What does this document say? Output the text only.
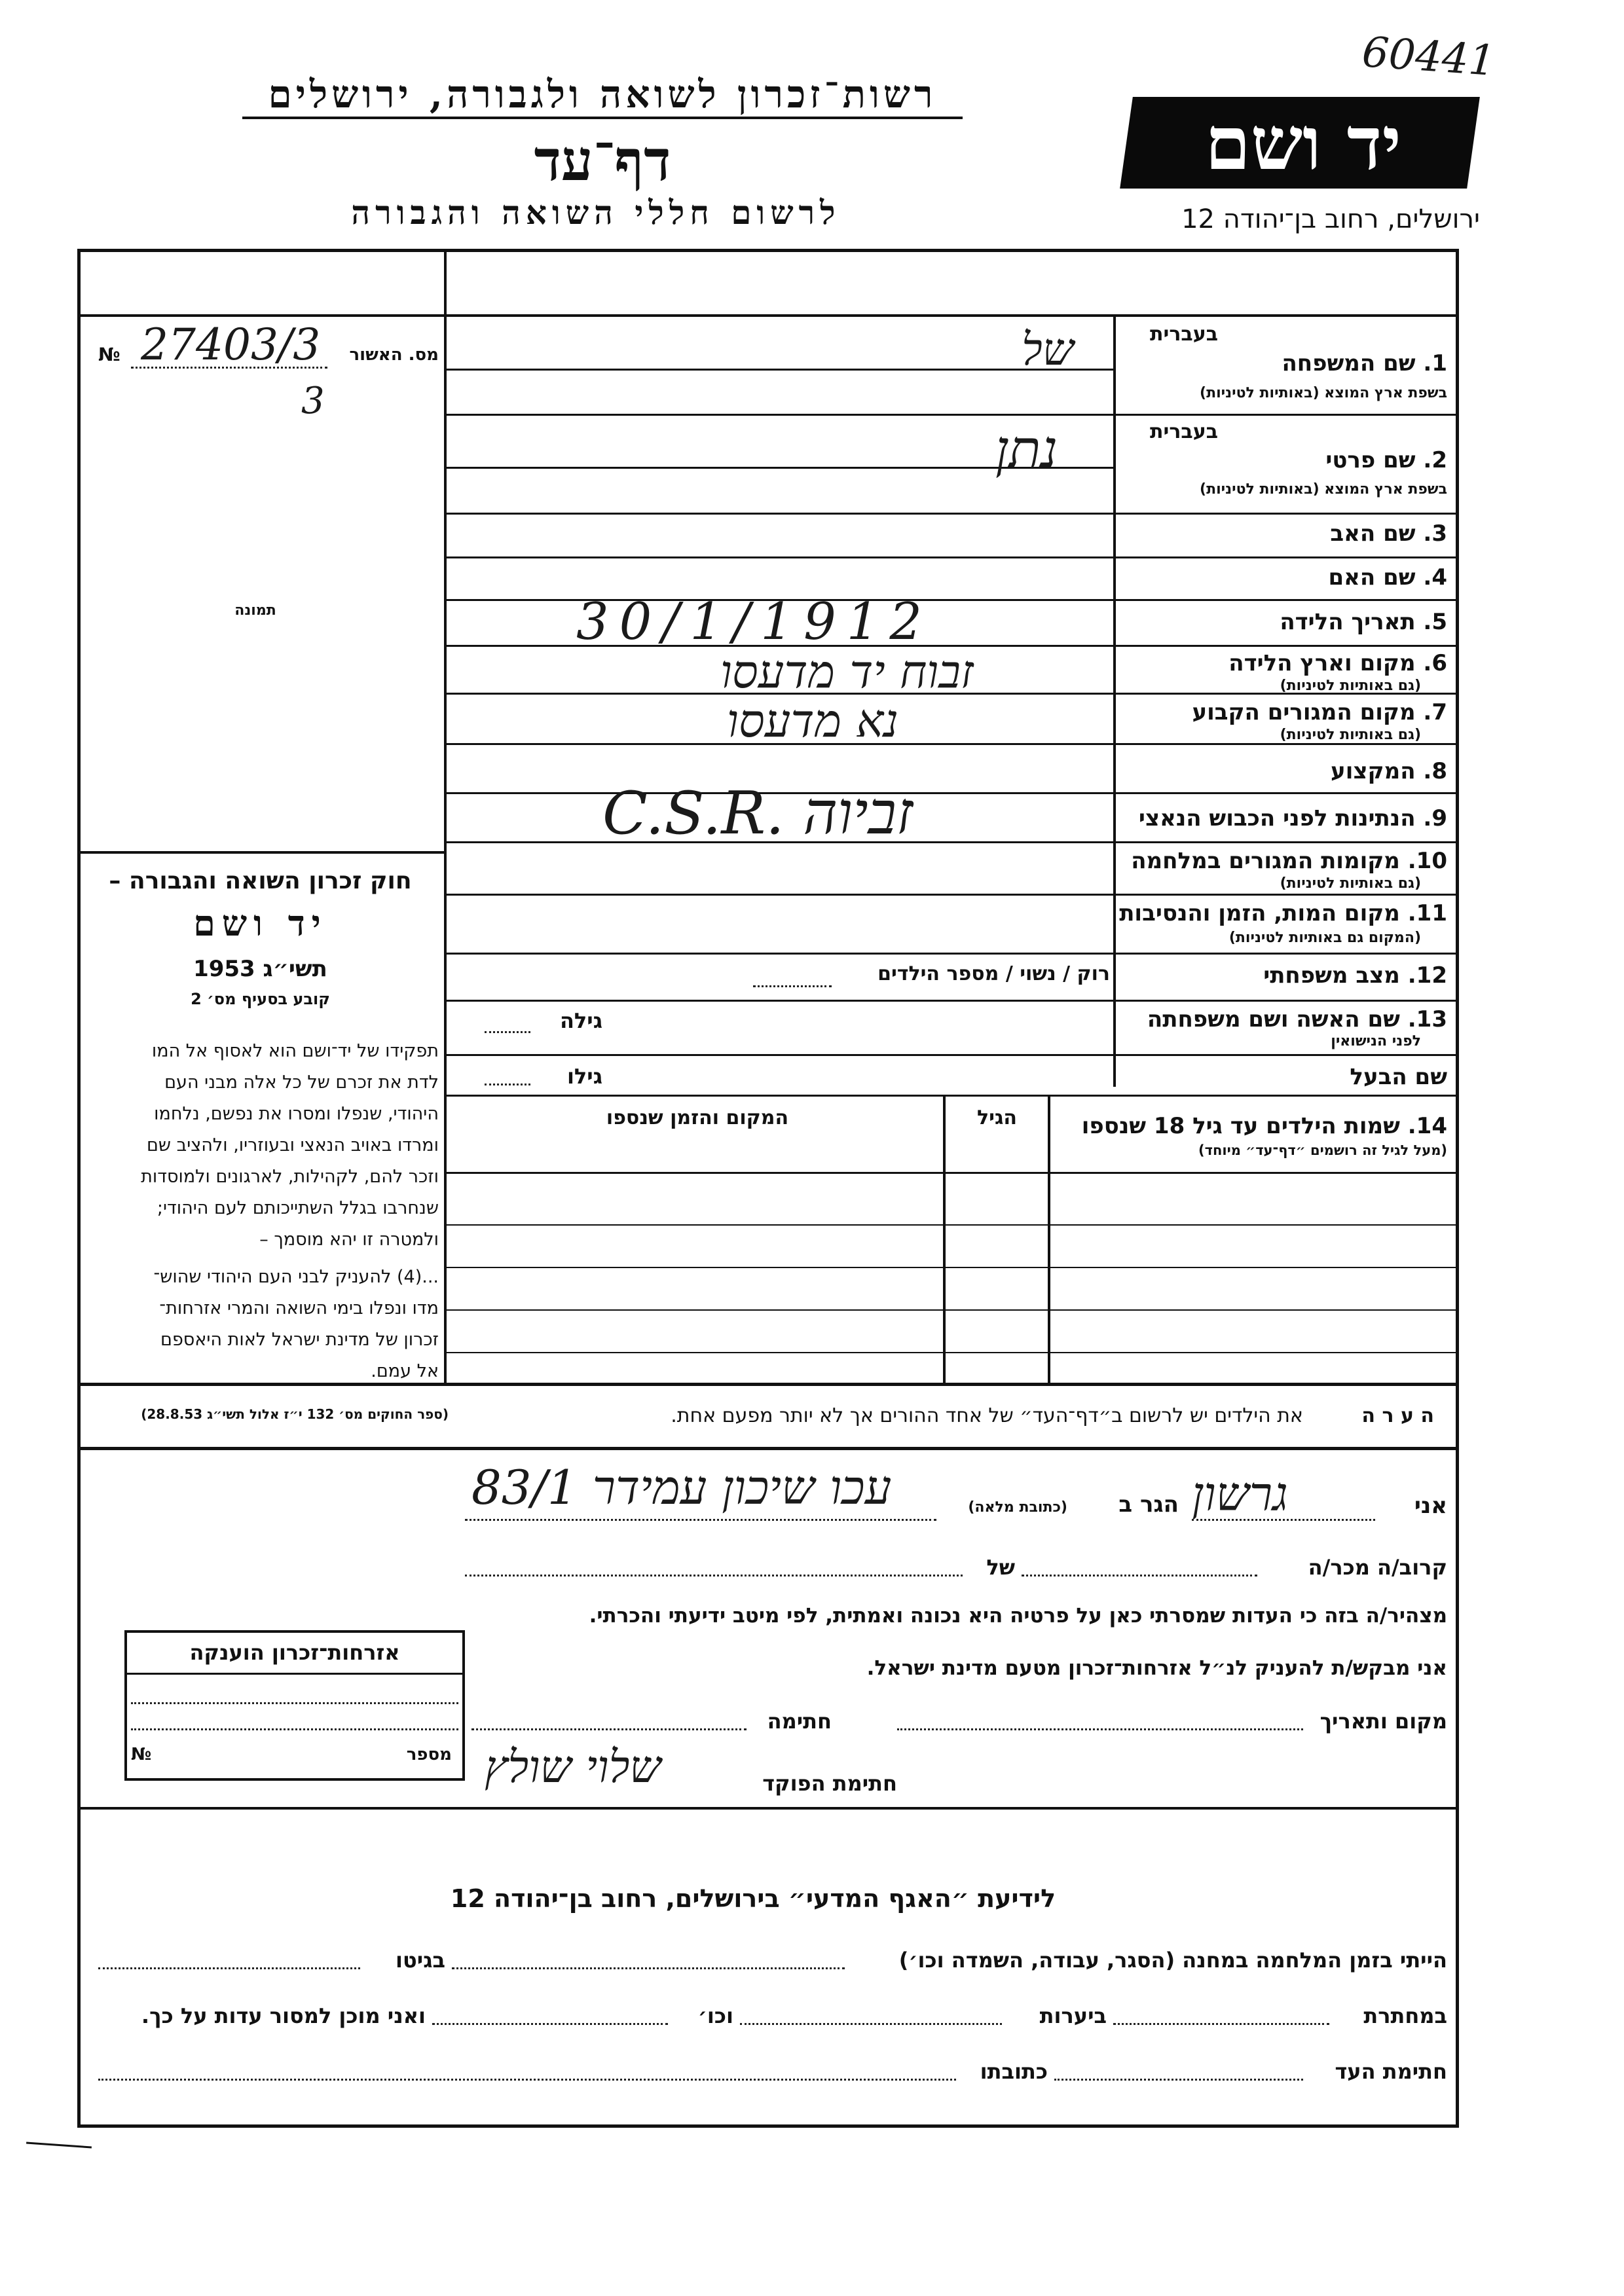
60441
רשות־זכרון לשואה ולגבורה, ירושלים
דף־עד
לרשום חללי השואה והגבורה
יד ושם
ירושלים, רחוב בן־יהודה 12
№ 27403/3
3
מס. האשור
תמונה
חוק זכרון השואה והגבורה –
יד ושם
תשי״ג 1953
קובע בסעיף מס׳ 2
תפקידו של יד־ושם הוא לאסוף אל המו
לדת את זכרם של כל אלה מבני העם
היהודי, שנפלו ומסרו את נפשם, נלחמו
ומרדו באויב הנאצי ובעוזריו, ולהציב שם
וזכר להם, לקהילות, לארגונים ולמוסדות
שנחרבו בגלל השתייכותם לעם היהודי;
ולמטרה זו יהא מוסמך –
...(4) להעניק לבני העם היהודי שהוש־
מדו ונפלו בימי השואה והמרי אזרחות־
זכרון של מדינת ישראל לאות היאספם
אל עמם.
(ספר החוקים מס׳ 132 י״ז אלול תשי״ג 28.8.53)
בעברית
1. שם המשפחה
בשפת ארץ המוצא (באותיות לטיניות)
בעברית
2. שם פרטי
בשפת ארץ המוצא (באותיות לטיניות)
3. שם האב
4. שם האם
5. תאריך הלידה
6. מקום וארץ הלידה
(גם באותיות לטיניות)
7. מקום המגורים הקבוע
(גם באותיות לטיניות)
8. המקצוע
9. הנתינות לפני הכבוש הנאצי
10. מקומות המגורים במלחמה
(גם באותיות לטיניות)
11. מקום המות, הזמן והנסיבות
(המקום גם באותיות לטיניות)
12. מצב משפחתי
13. שם האשה ושם משפחתה
לפני הנישואין
שם הבעל
של
נתן
30/1/1912
זבוח יד מדעסו
נא מדעסו
C.S.R. זביוה
רוק / נשוי / מספר הילדים
גילה
גילו
14. שמות הילדים עד גיל 18 שנספו
(מעל לגיל זה רושמים ״דף־עד״ מיוחד)
הגיל
המקום והזמן שנספו
ה ע ר ה
את הילדים יש לרשום ב״דף־העד״ של אחד ההורים אך לא יותר מפעם אחת.
אני
גרשון
הגר ב
(כתובת מלאה)
עכו שיכון עמידר 83/1
קרוב/ה מכר/ה
של
מצהיר/ה בזה כי העדות שמסרתי כאן על פרטיה היא נכונה ואמתית, לפי מיטב ידיעתי והכרתי.
אני מבקש/ת להעניק לנ״ל אזרחות־זכרון מטעם מדינת ישראל.
מקום ותאריך
חתימה
חתימת הפוקד
שלוי שולץ
אזרחות־זכרון הוענקה
מספר
№
לידיעת ״האגף המדעי״ בירושלים, רחוב בן־יהודה 12
הייתי בזמן המלחמה במחנה (הסגר, עבודה, השמדה וכו׳)
בגיטו
במחתרת
ביערות
וכו׳
ואני מוכן למסור עדות על כך.
חתימת העד
כתובתו
